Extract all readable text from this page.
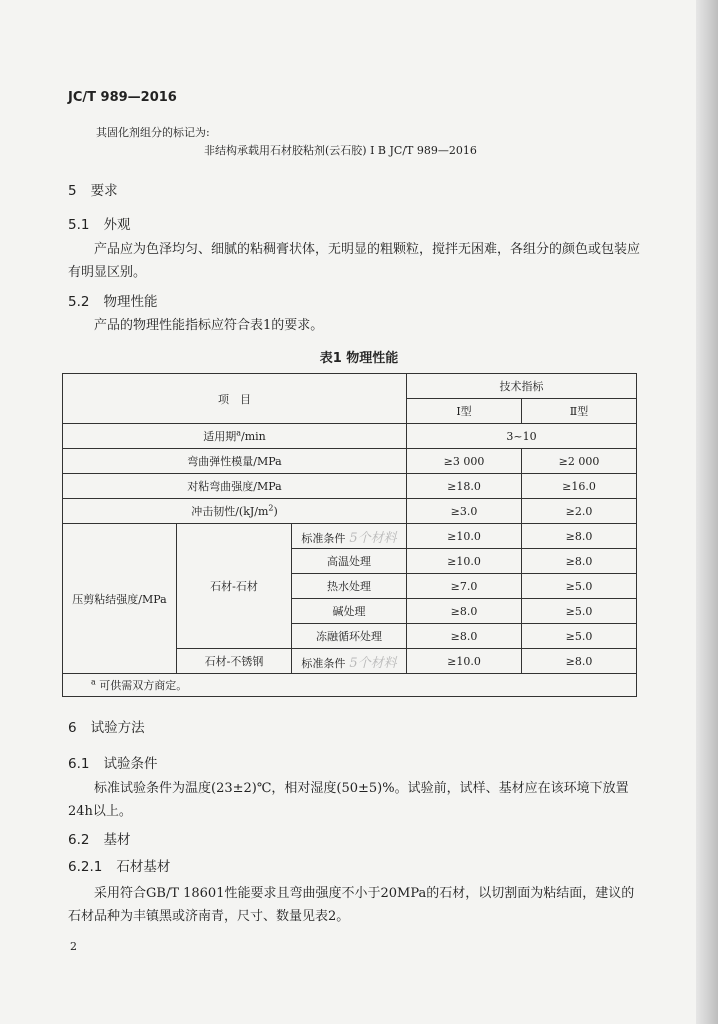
JC/T 989—2016
其固化剂组分的标记为:
非结构承载用石材胶粘剂(云石胶) I B JC/T 989—2016
5 要求
5.1 外观
产品应为色泽均匀、细腻的粘稠膏状体，无明显的粗颗粒，搅拌无困难，各组分的颜色或包装应有明显区别。
5.2 物理性能
产品的物理性能指标应符合表1的要求。
表1 物理性能
项　目			技术指标	
			Ⅰ型	Ⅱ型
适用期$^a$/min			3~10	
弯曲弹性模量/MPa			≥3 000	≥2 000
对粘弯曲强度/MPa			≥18.0	≥16.0
冲击韧性$/(kJ/m^2)$			≥3.0	≥2.0
压剪粘结强度/MPa	石材-石材	标准条件 5个材料	≥10.0	≥8.0
		高温处理	≥10.0	≥8.0
		热水处理	≥7.0	≥5.0
		碱处理	≥8.0	≥5.0
		冻融循环处理	≥8.0	≥5.0
	石材-不锈钢	标准条件 5个材料	≥10.0	≥8.0
$^a$ 可供需双方商定。				
6 试验方法
6.1 试验条件
标准试验条件为温度(23±2)℃，相对湿度(50±5)%。试验前，试样、基材应在该环境下放置24h以上。
6.2 基材
6.2.1 石材基材
采用符合GB/T 18601性能要求且弯曲强度不小于20MPa的石材，以切割面为粘结面，建议的石材品种为丰镇黑或济南青，尺寸、数量见表2。
2
